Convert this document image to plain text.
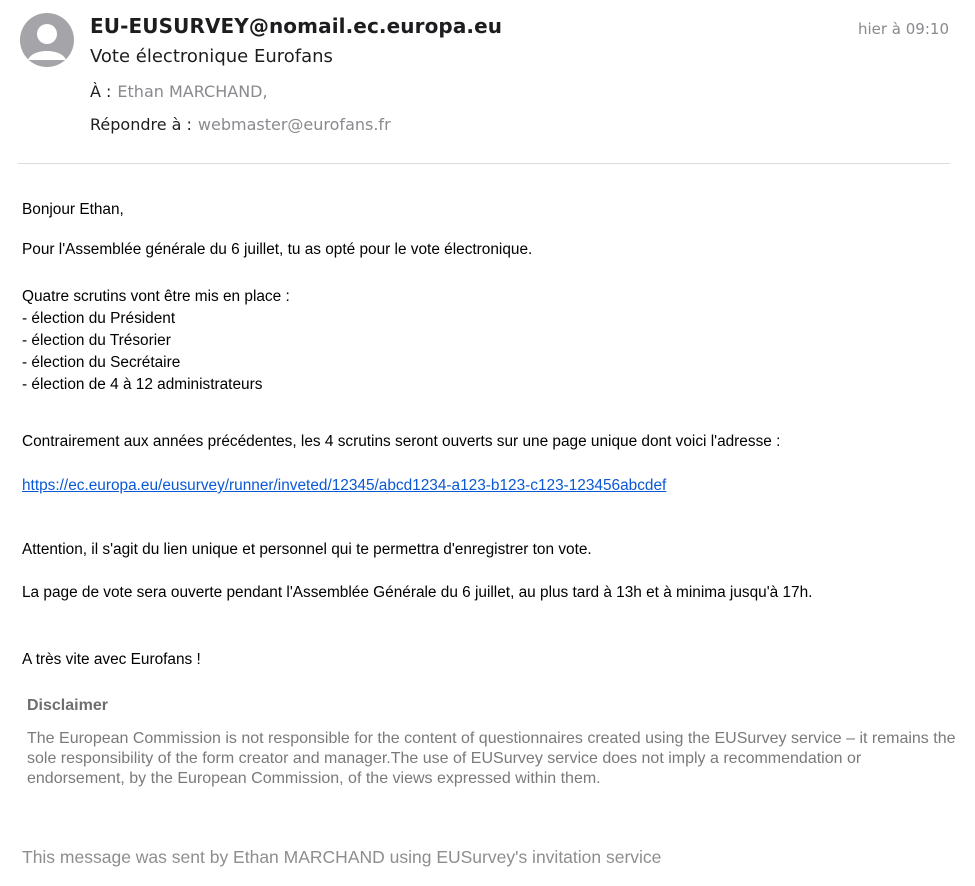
EU-EUSURVEY@nomail.ec.europa.eu	hier à 09:10
Vote électronique Eurofans
À : Ethan MARCHAND,
Répondre à : webmaster@eurofans.fr
Bonjour Ethan,
Pour l'Assemblée générale du 6 juillet, tu as opté pour le vote électronique.
Quatre scrutins vont être mis en place :
- élection du Président
- élection du Trésorier
- élection du Secrétaire
- élection de 4 à 12 administrateurs
Contrairement aux années précédentes, les 4 scrutins seront ouverts sur une page unique dont voici l'adresse :
https://ec.europa.eu/eusurvey/runner/inveted/12345/abcd1234-a123-b123-c123-123456abcdef
Attention, il s'agit du lien unique et personnel qui te permettra d'enregistrer ton vote.
La page de vote sera ouverte pendant l'Assemblée Générale du 6 juillet, au plus tard à 13h et à minima jusqu'à 17h.
A très vite avec Eurofans !
Disclaimer
The European Commission is not responsible for the content of questionnaires created using the EUSurvey service – it remains the sole responsibility of the form creator and manager.The use of EUSurvey service does not imply a recommendation or endorsement, by the European Commission, of the views expressed within them.
This message was sent by Ethan MARCHAND using EUSurvey's invitation service
